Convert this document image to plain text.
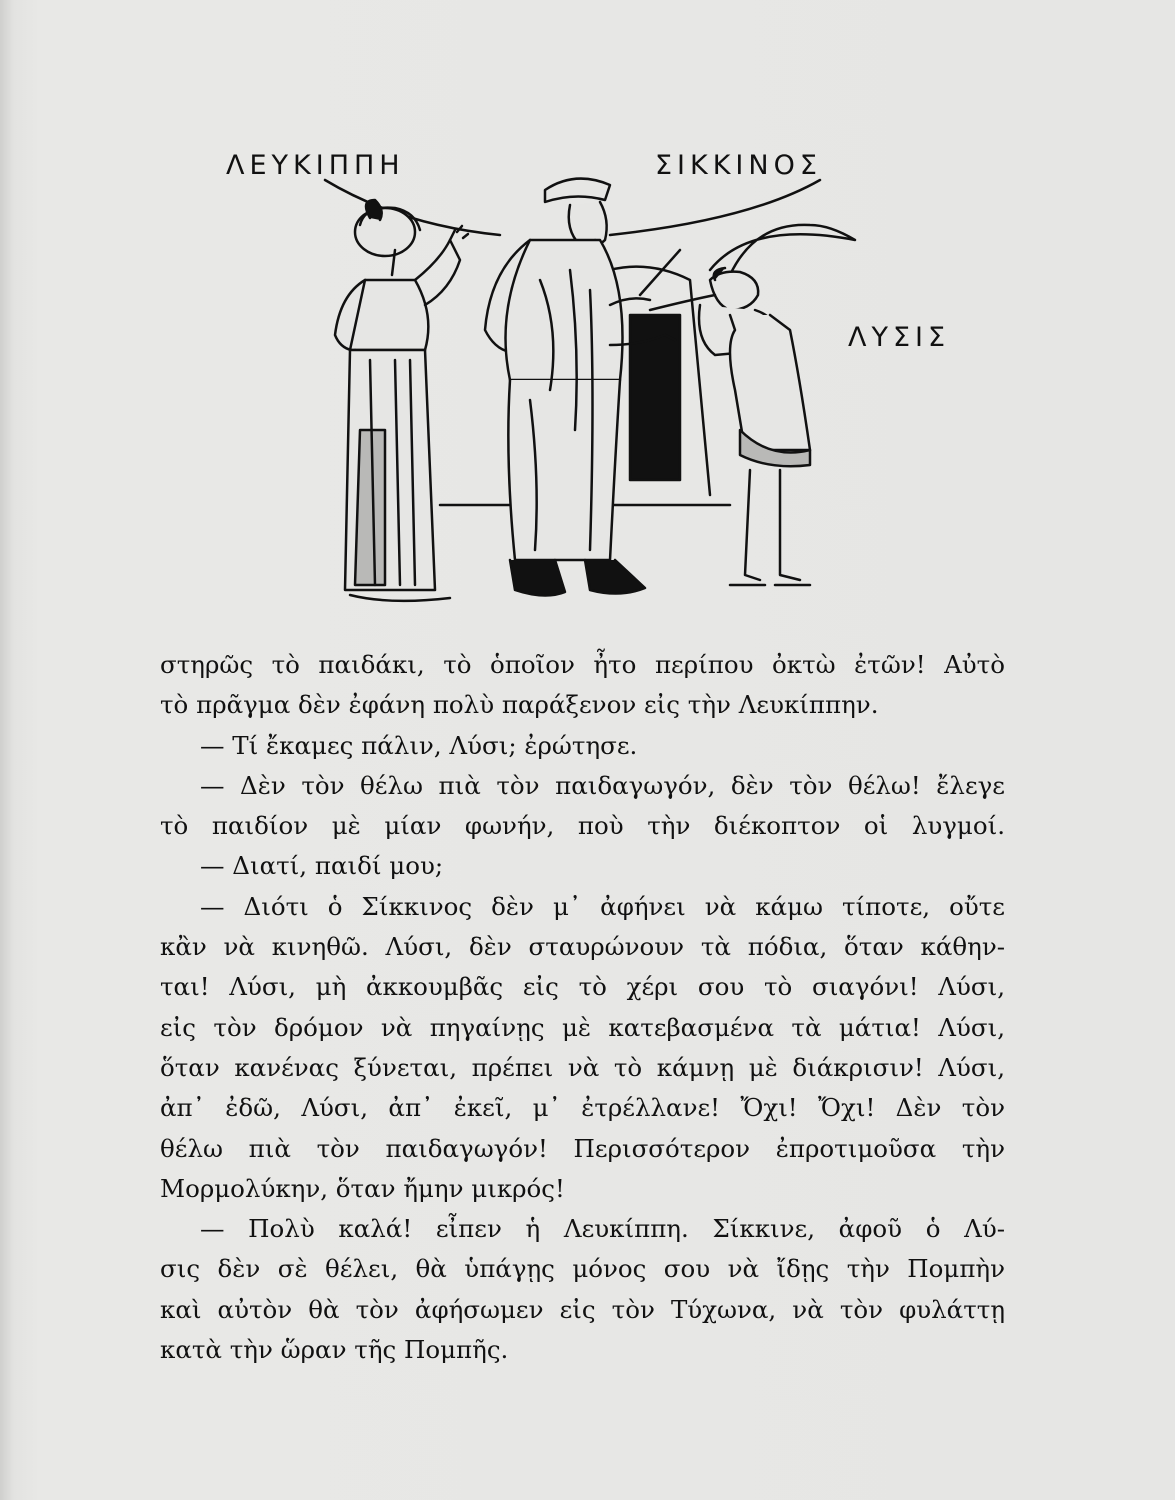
ΛΕΥΚΙΠΠΗ	ΣΙΚΚΙΝΟΣ
ΛΥΣΙΣ
στηρῶς τὸ παιδάκι, τὸ ὁποῖον ἦτο περίπου ὀκτὼ ἐτῶν! Αὐτὸ
τὸ πρᾶγμα δὲν ἐφάνη πολὺ παράξενον εἰς τὴν Λευκίππην.
— Τί ἔκαμες πάλιν, Λύσι; ἐρώτησε.
— Δὲν τὸν θέλω πιὰ τὸν παιδαγωγόν, δὲν τὸν θέλω! ἔλεγε
τὸ παιδίον μὲ μίαν φωνήν, ποὺ τὴν διέκοπτον οἱ λυγμοί.
— Διατί, παιδί μου;
— Διότι ὁ Σίκκινος δὲν μ᾽ ἀφήνει νὰ κάμω τίποτε, οὔτε
κἂν νὰ κινηθῶ. Λύσι, δὲν σταυρώνουν τὰ πόδια, ὅταν κάθην-
ται! Λύσι, μὴ ἀκκουμβᾶς εἰς τὸ χέρι σου τὸ σιαγόνι! Λύσι,
εἰς τὸν δρόμον νὰ πηγαίνῃς μὲ κατεβασμένα τὰ μάτια! Λύσι,
ὅταν κανένας ξύνεται, πρέπει νὰ τὸ κάμνῃ μὲ διάκρισιν! Λύσι,
ἀπ᾽ ἐδῶ, Λύσι, ἀπ᾽ ἐκεῖ, μ᾽ ἐτρέλλανε! Ὄχι! Ὄχι! Δὲν τὸν
θέλω πιὰ τὸν παιδαγωγόν! Περισσότερον ἐπροτιμοῦσα τὴν
Μορμολύκην, ὅταν ἤμην μικρός!
— Πολὺ καλά! εἶπεν ἡ Λευκίππη. Σίκκινε, ἀφοῦ ὁ Λύ-
σις δὲν σὲ θέλει, θὰ ὑπάγῃς μόνος σου νὰ ἴδῃς τὴν Πομπὴν
καὶ αὐτὸν θὰ τὸν ἀφήσωμεν εἰς τὸν Τύχωνα, νὰ τὸν φυλάττῃ
κατὰ τὴν ὥραν τῆς Πομπῆς.
